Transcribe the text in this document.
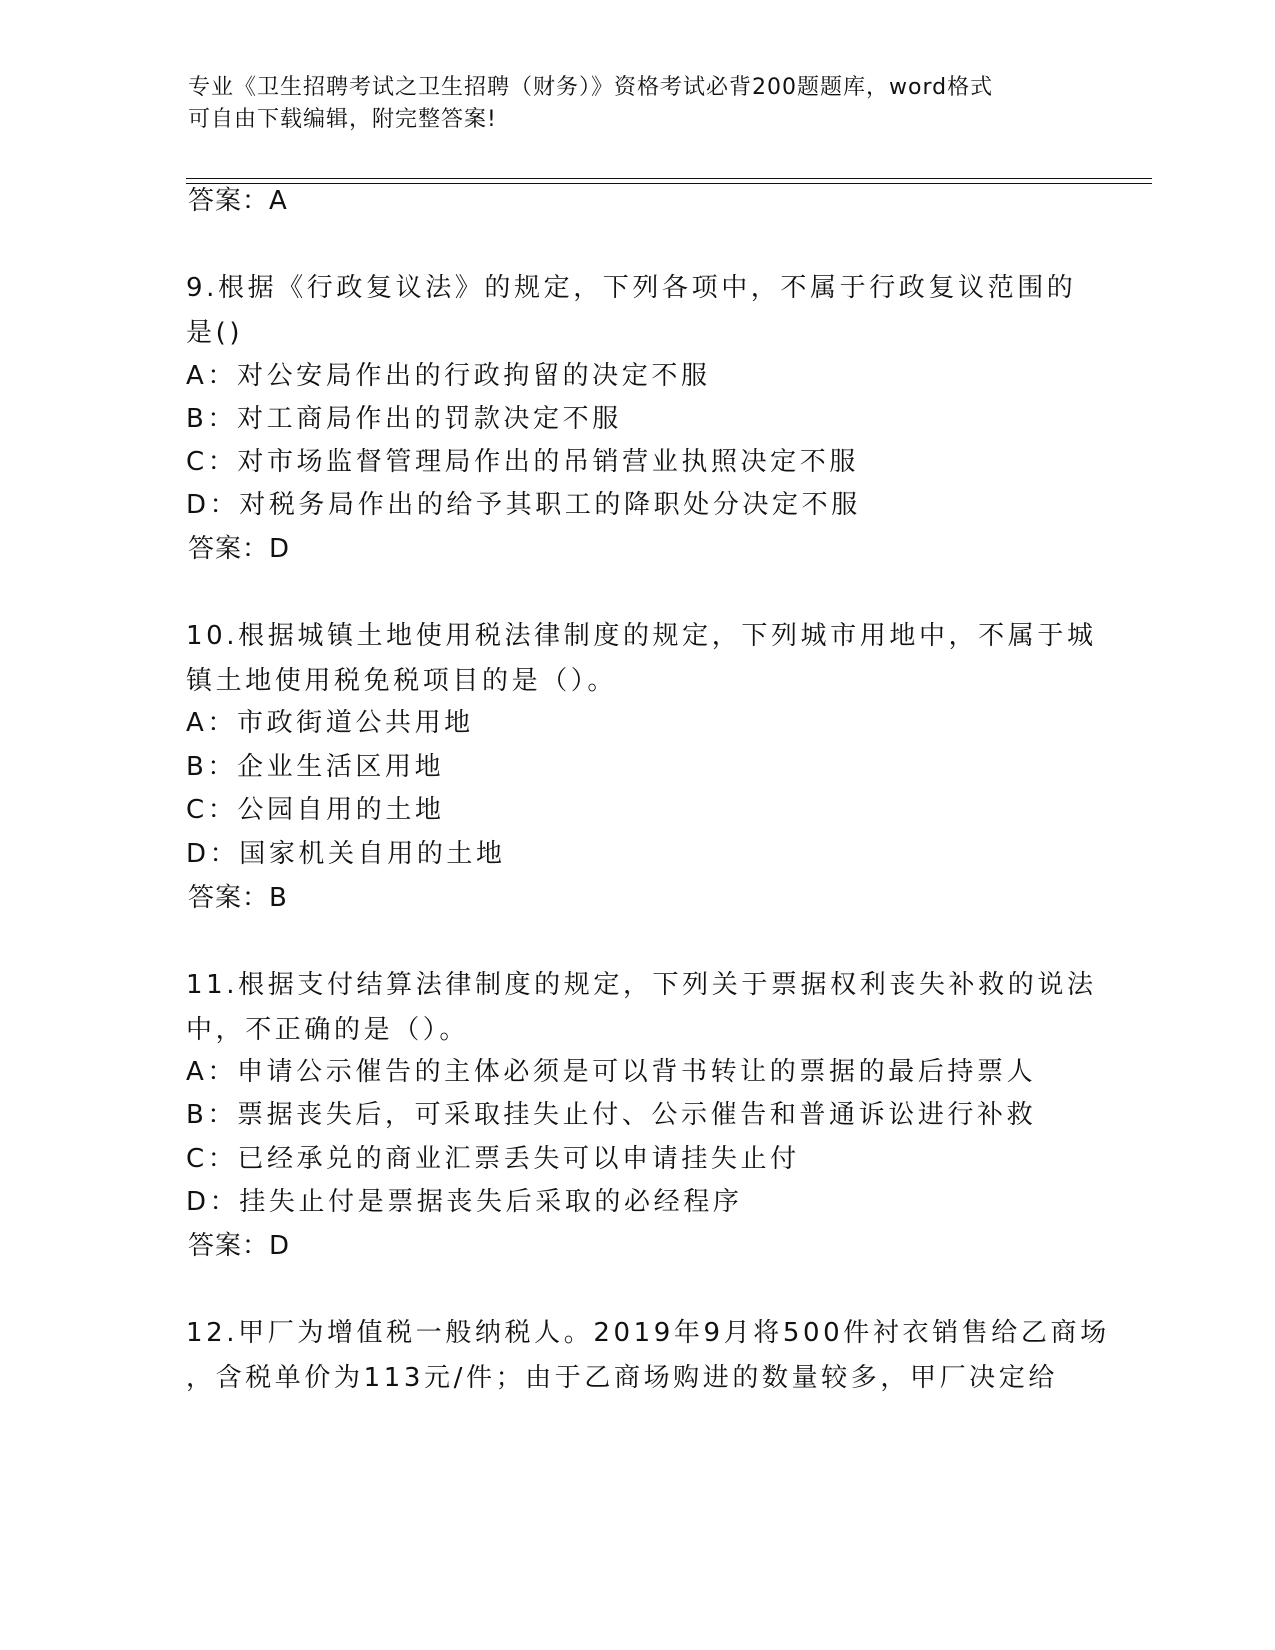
专业《卫生招聘考试之卫生招聘（财务）》资格考试必背200题题库，word格式
可自由下载编辑，附完整答案!
答案：A
9.根据《行政复议法》的规定，下列各项中，不属于行政复议范围的
是()
A：对公安局作出的行政拘留的决定不服
B：对工商局作出的罚款决定不服
C：对市场监督管理局作出的吊销营业执照决定不服
D：对税务局作出的给予其职工的降职处分决定不服
答案：D
10.根据城镇土地使用税法律制度的规定，下列城市用地中，不属于城
镇土地使用税免税项目的是（）。
A：市政街道公共用地
B：企业生活区用地
C：公园自用的土地
D：国家机关自用的土地
答案：B
11.根据支付结算法律制度的规定，下列关于票据权利丧失补救的说法
中，不正确的是（）。
A：申请公示催告的主体必须是可以背书转让的票据的最后持票人
B：票据丧失后，可采取挂失止付、公示催告和普通诉讼进行补救
C：已经承兑的商业汇票丢失可以申请挂失止付
D：挂失止付是票据丧失后采取的必经程序
答案：D
12.甲厂为增值税一般纳税人。2019年9月将500件衬衣销售给乙商场
，含税单价为113元/件；由于乙商场购进的数量较多，甲厂决定给
